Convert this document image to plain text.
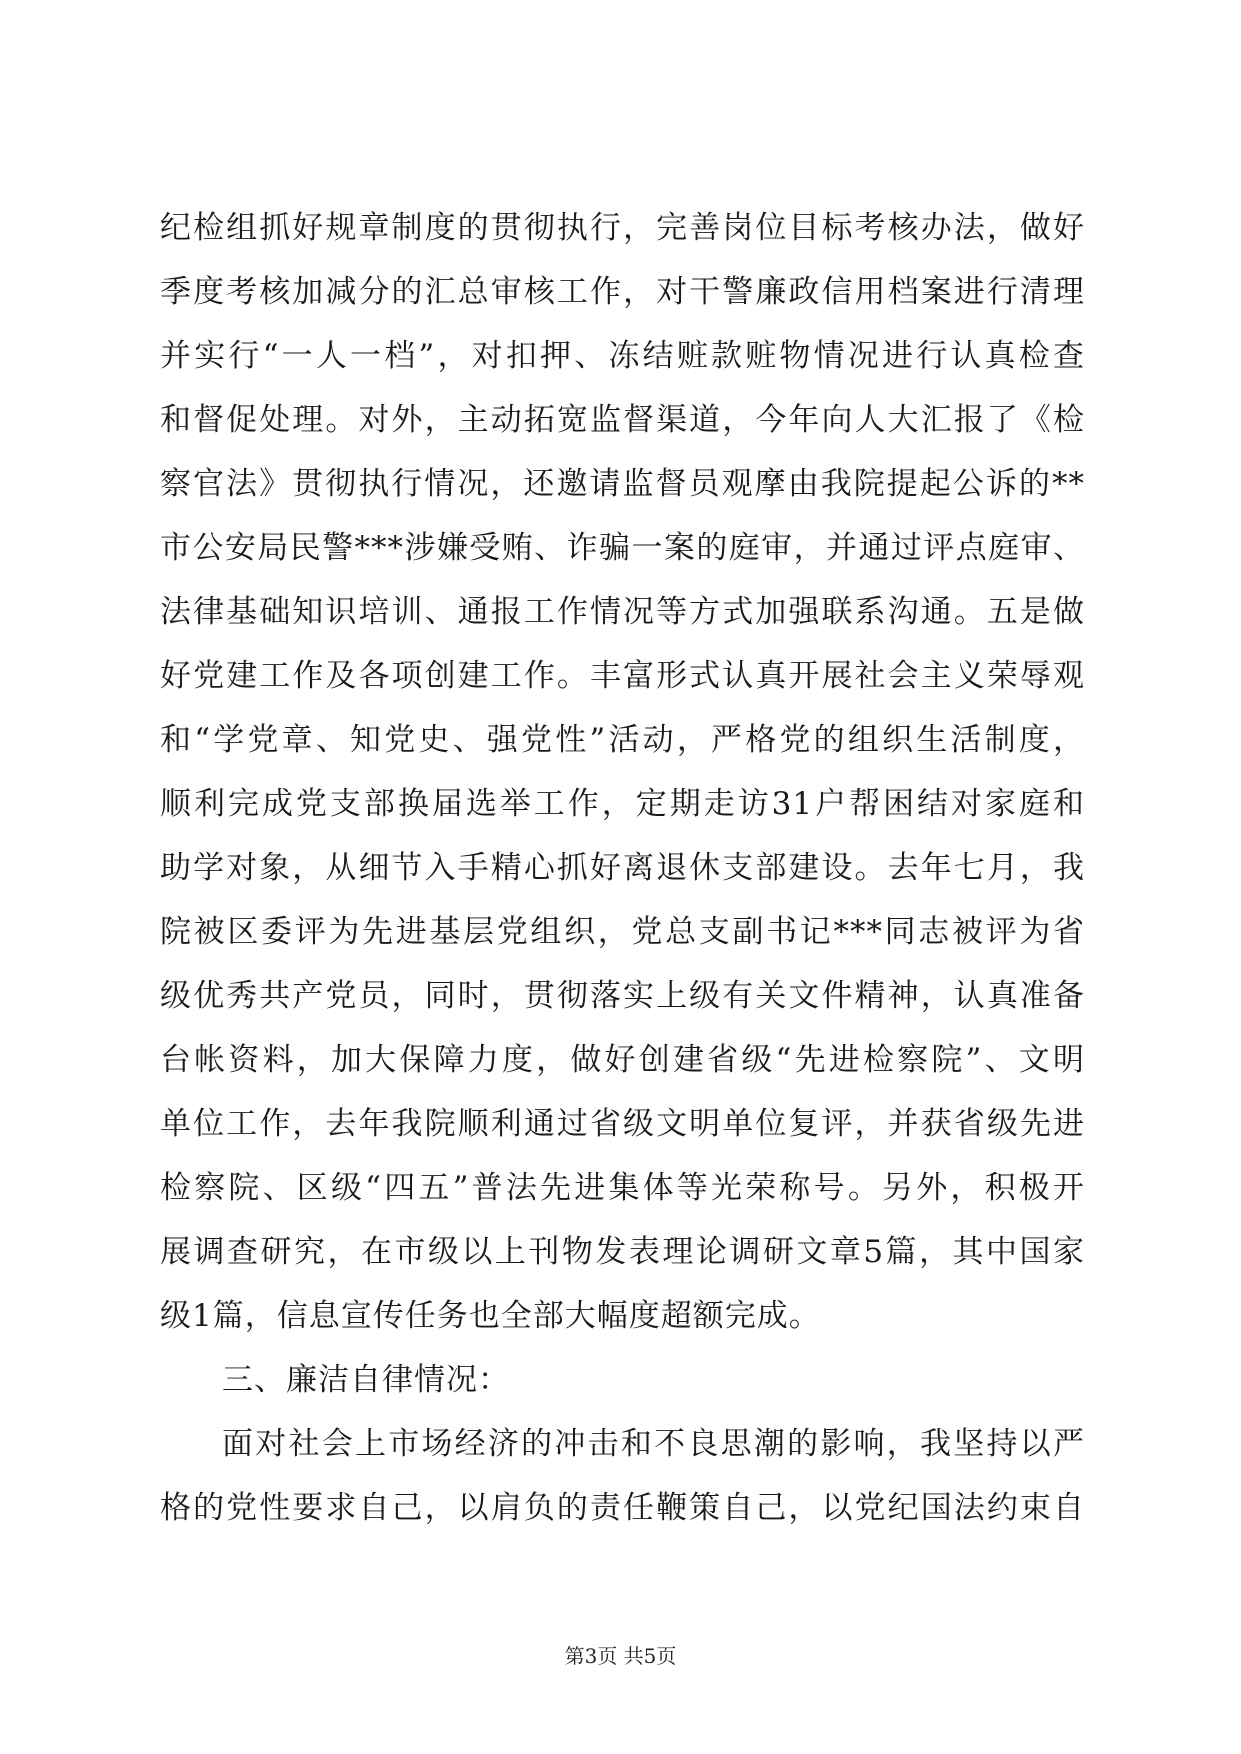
纪检组抓好规章制度的贯彻执行，完善岗位目标考核办法，做好
季度考核加减分的汇总审核工作，对干警廉政信用档案进行清理
并实行“一人一档”，对扣押、冻结赃款赃物情况进行认真检查
和督促处理。对外，主动拓宽监督渠道，今年向人大汇报了《检
察官法》贯彻执行情况，还邀请监督员观摩由我院提起公诉的**
市公安局民警***涉嫌受贿、诈骗一案的庭审，并通过评点庭审、
法律基础知识培训、通报工作情况等方式加强联系沟通。五是做
好党建工作及各项创建工作。丰富形式认真开展社会主义荣辱观
和“学党章、知党史、强党性”活动，严格党的组织生活制度，
顺利完成党支部换届选举工作，定期走访31户帮困结对家庭和
助学对象，从细节入手精心抓好离退休支部建设。去年七月，我
院被区委评为先进基层党组织，党总支副书记***同志被评为省
级优秀共产党员，同时，贯彻落实上级有关文件精神，认真准备
台帐资料，加大保障力度，做好创建省级“先进检察院”、文明
单位工作，去年我院顺利通过省级文明单位复评，并获省级先进
检察院、区级“四五”普法先进集体等光荣称号。另外，积极开
展调查研究，在市级以上刊物发表理论调研文章5篇，其中国家
级1篇，信息宣传任务也全部大幅度超额完成。
三、廉洁自律情况：
面对社会上市场经济的冲击和不良思潮的影响，我坚持以严
格的党性要求自己，以肩负的责任鞭策自己，以党纪国法约束自
第3页 共5页
